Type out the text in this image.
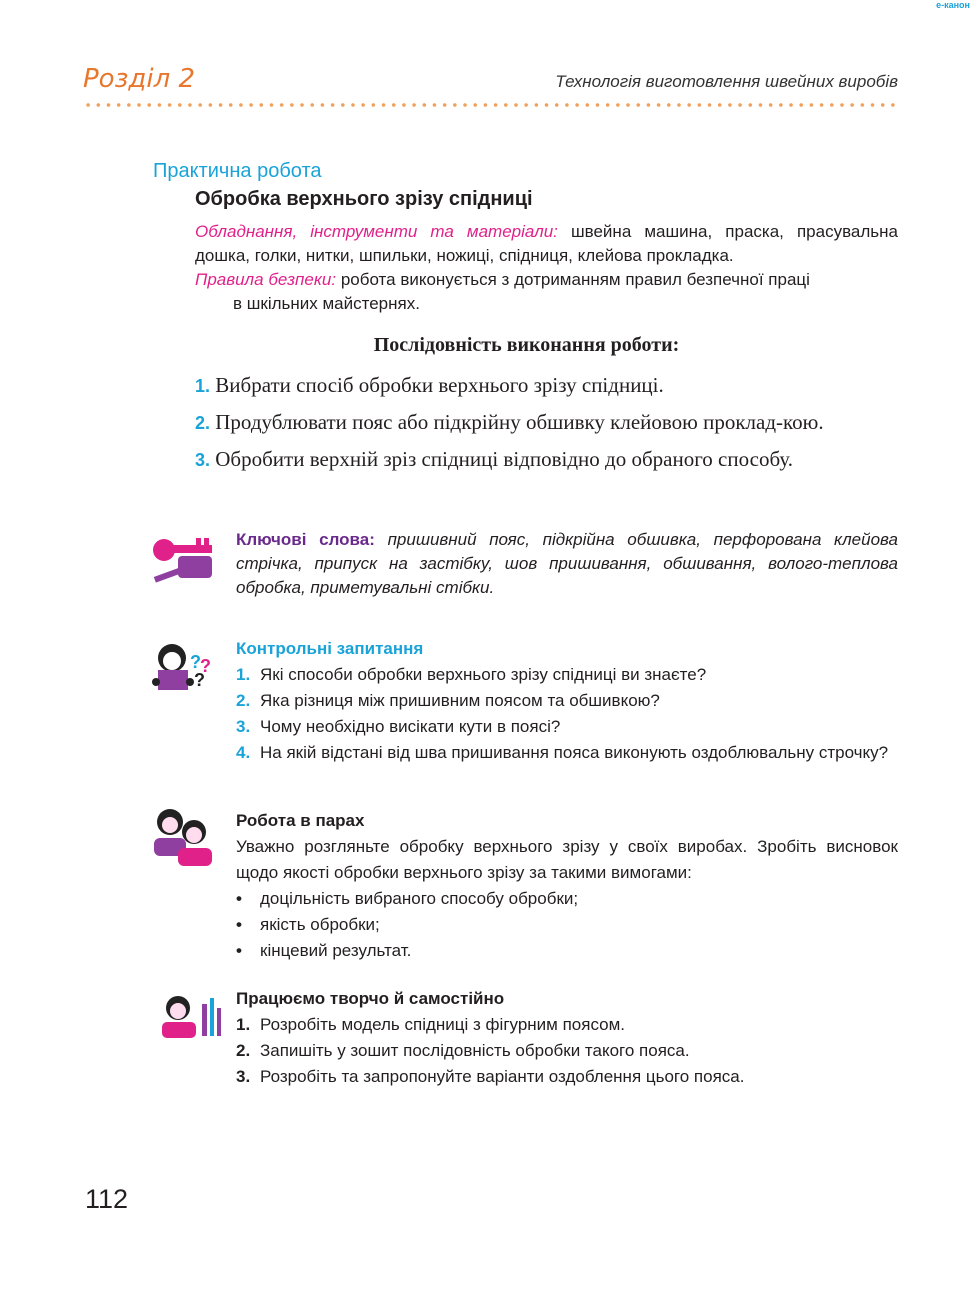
e-канон
Розділ 2	Технологія виготовлення швейних виробів
Практична робота
Обробка верхнього зрізу спідниці
Обладнання, інструменти та матеріали: швейна машина, праска, прасувальна дошка, голки, нитки, шпильки, ножиці, спідниця, клейова прокладка.
Правила безпеки: робота виконується з дотриманням правил безпечної праці
в шкільних майстернях.
Послідовність виконання роботи:

1. Вибрати спосіб обробки верхнього зрізу спідниці.

2. Продублювати пояс або підкрійну обшивку клейовою проклад-кою.

3. Обробити верхній зріз спідниці відповідно до обраного способу.

Ключові слова: пришивний пояс, підкрійна обшивка, перфорована клейова стрічка, припуск на застібку, шов пришивання, обшивання, волого-теплова обробка, приметувальні стібки.
? ?
?
Контрольні запитання
1. Які способи обробки верхнього зрізу спідниці ви знаєте?
2. Яка різниця між пришивним поясом та обшивкою?
3. Чому необхідно висікати кути в поясі?
4. На якій відстані від шва пришивання пояса виконують оздоблювальну строчку?
Робота в парах
Уважно розгляньте обробку верхнього зрізу у своїх виробах. Зробіть висновок щодо якості обробки верхнього зрізу за такими вимогами:
•	доцільність вибраного способу обробки;
•	якість обробки;
•	кінцевий результат.
Працюємо творчо й самостійно
1. Розробіть модель спідниці з фігурним поясом.
2. Запишіть у зошит послідовність обробки такого пояса.
3. Розробіть та запропонуйте варіанти оздоблення цього пояса.
112
